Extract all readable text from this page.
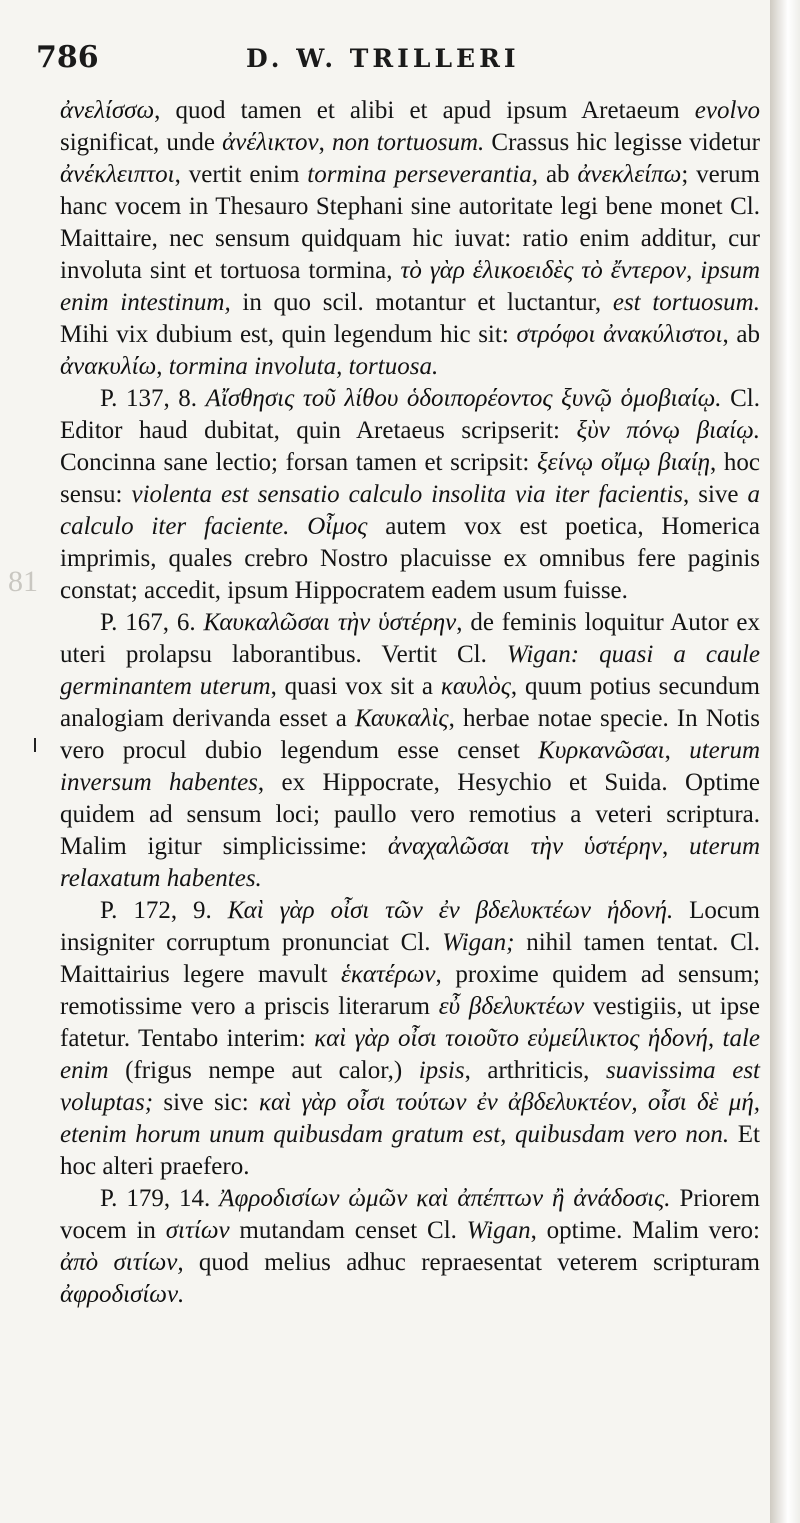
786	D. W. TRILLERI
81

ἀνελίσσω, quod tamen et alibi et apud ipsum Aretaeum evolvo significat, unde ἀνέλικτον, non tortuosum. Crassus hic legisse videtur ἀνέκλειπτοι, vertit enim tormina perseverantia, ab ἀνεκλείπω; verum hanc vocem in Thesauro Stephani sine autoritate legi bene monet Cl. Maittaire, nec sensum quidquam hic iuvat: ratio enim additur, cur involuta sint et tortuosa tormina, τὸ γὰρ ἑλικοειδὲς τὸ ἔντερον, ipsum enim intestinum, in quo scil. motantur et luctantur, est tortuosum. Mihi vix dubium est, quin legendum hic sit: στρόφοι ἀνακύλιστοι, ab ἀνακυλίω, tormina involuta, tortuosa.

P. 137, 8. Αἴσθησις τοῦ λίθου ὁδοιπορέοντος ξυνῷ ὁμοβιαίῳ. Cl. Editor haud dubitat, quin Aretaeus scripserit: ξὺν πόνῳ βιαίῳ. Concinna sane lectio; forsan tamen et scripsit: ξείνῳ οἴμῳ βιαίῃ, hoc sensu: violenta est sensatio calculo insolita via iter facientis, sive a calculo iter faciente. Οἶμος autem vox est poetica, Homerica imprimis, quales crebro Nostro placuisse ex omnibus fere paginis constat; accedit, ipsum Hippocratem eadem usum fuisse.

P. 167, 6. Καυκαλῶσαι τὴν ὑστέρην, de feminis loquitur Autor ex uteri prolapsu laborantibus. Vertit Cl. Wigan: quasi a caule germinantem uterum, quasi vox sit a καυλὸς, quum potius secundum analogiam derivanda esset a Καυκαλὶς, herbae notae specie. In Notis vero procul dubio legendum esse censet Κυρκανῶσαι, uterum inversum habentes, ex Hippocrate, Hesychio et Suida. Optime quidem ad sensum loci; paullo vero remotius a veteri scriptura. Malim igitur simplicissime: ἀναχαλῶσαι τὴν ὑστέρην, uterum relaxatum habentes.

P. 172, 9. Καὶ γὰρ οἶσι τῶν ἐν βδελυκτέων ἡδονή. Locum insigniter corruptum pronunciat Cl. Wigan; nihil tamen tentat. Cl. Maittairius legere mavult ἑκατέρων, proxime quidem ad sensum; remotissime vero a priscis literarum εὖ βδελυκτέων vestigiis, ut ipse fatetur. Tentabo interim: καὶ γὰρ οἶσι τοιοῦτο εὐμείλικτος ἡδονή, tale enim (frigus nempe aut calor,) ipsis, arthriticis, suavissima est voluptas; sive sic: καὶ γὰρ οἶσι τούτων ἐν ἀβδελυκτέον, οἶσι δὲ μή, etenim horum unum quibusdam gratum est, quibusdam vero non. Et hoc alteri praefero.

P. 179, 14. Ἀφροδισίων ὠμῶν καὶ ἀπέπτων ἢ ἀνάδοσις. Priorem vocem in σιτίων mutandam censet Cl. Wigan, optime. Malim vero: ἀπὸ σιτίων, quod melius adhuc repraesentat veterem scripturam ἀφροδισίων.
